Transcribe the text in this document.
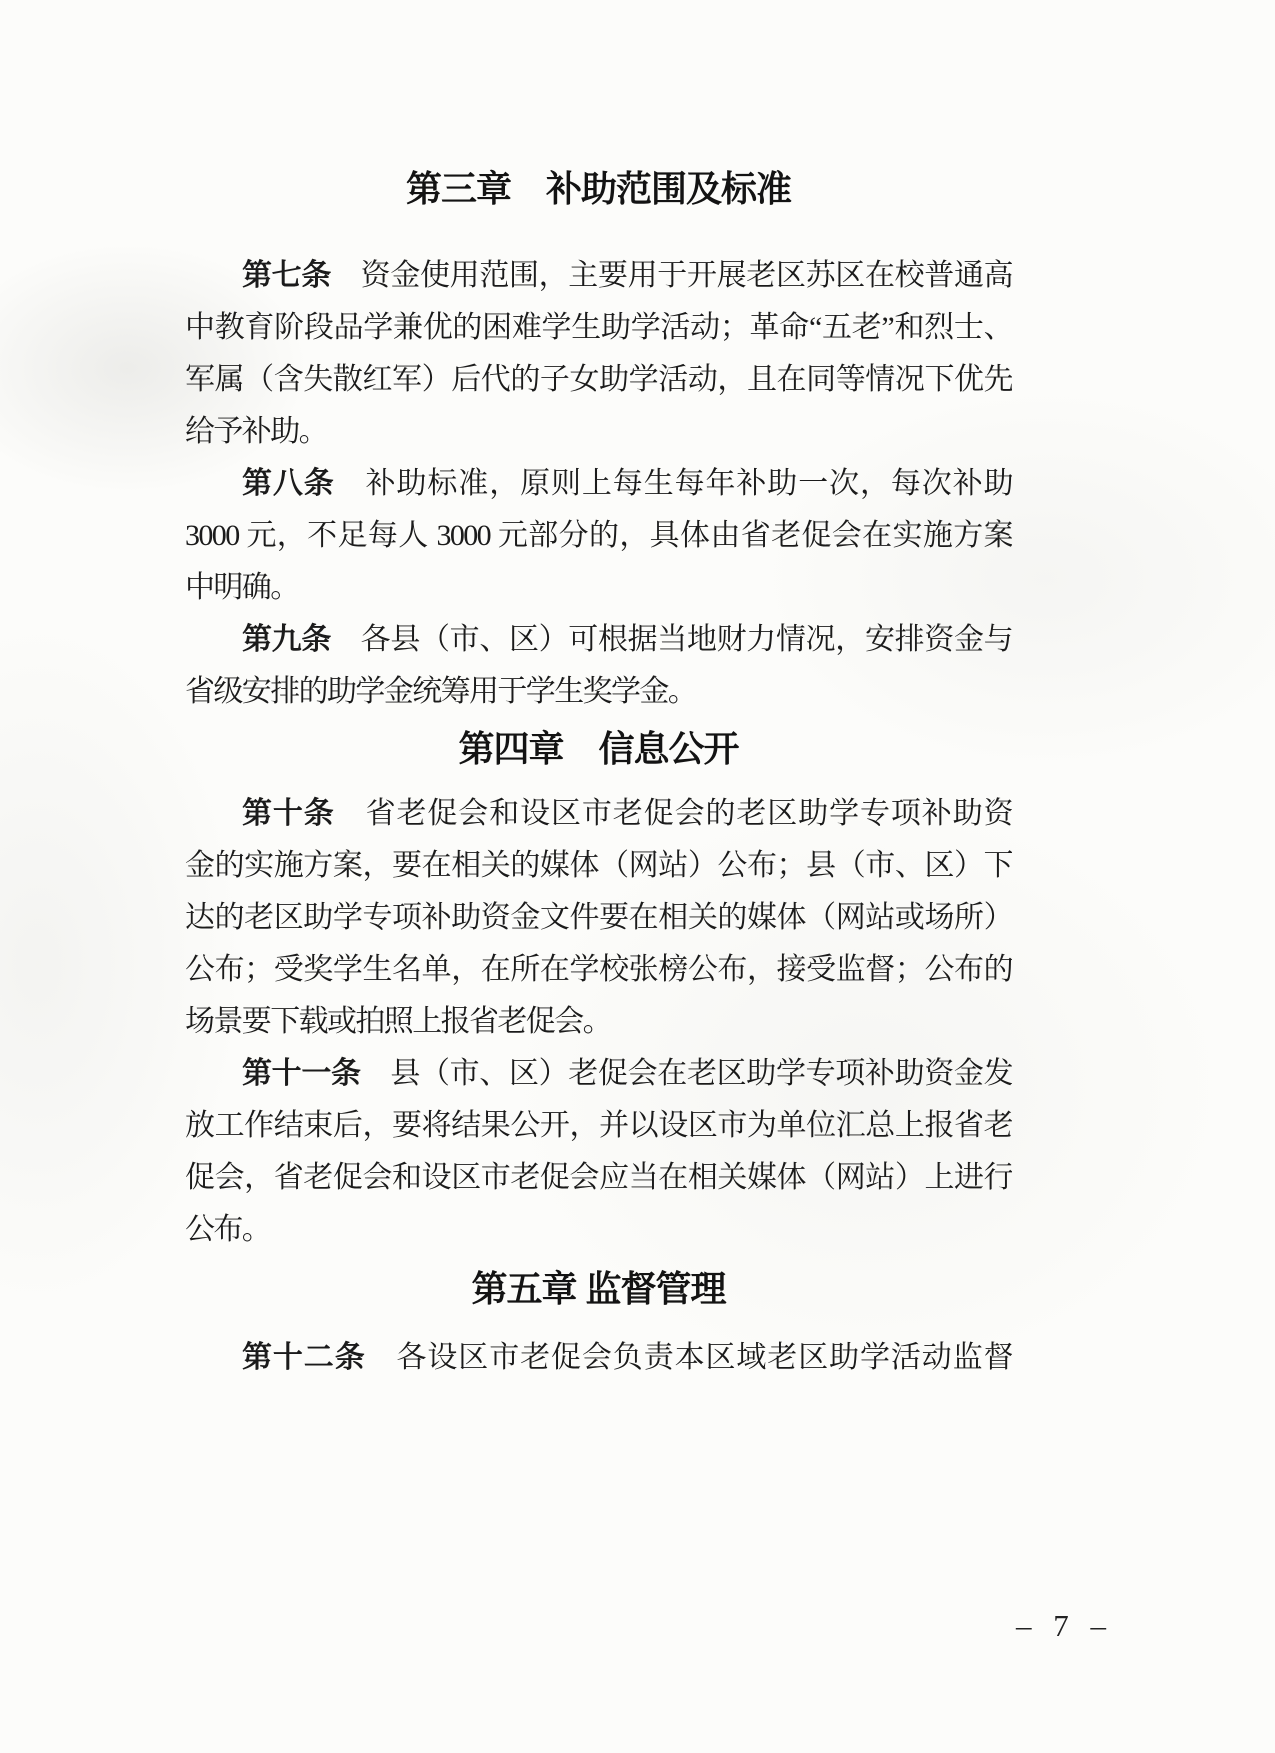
第三章　补助范围及标准
第七条　资金使用范围，主要用于开展老区苏区在校普通高
中教育阶段品学兼优的困难学生助学活动；革命“五老”和烈士、
军属（含失散红军）后代的子女助学活动，且在同等情况下优先
给予补助。
第八条　补助标准，原则上每生每年补助一次，每次补助
3000 元，不足每人 3000 元部分的，具体由省老促会在实施方案
中明确。
第九条　各县（市、区）可根据当地财力情况，安排资金与
省级安排的助学金统筹用于学生奖学金。
第四章　信息公开
第十条　省老促会和设区市老促会的老区助学专项补助资
金的实施方案，要在相关的媒体（网站）公布；县（市、区）下
达的老区助学专项补助资金文件要在相关的媒体（网站或场所）
公布；受奖学生名单，在所在学校张榜公布，接受监督；公布的
场景要下载或拍照上报省老促会。
第十一条　县（市、区）老促会在老区助学专项补助资金发
放工作结束后，要将结果公开，并以设区市为单位汇总上报省老
促会，省老促会和设区市老促会应当在相关媒体（网站）上进行
公布。
第五章 监督管理
第十二条　各设区市老促会负责本区域老区助学活动监督
– 7 –
